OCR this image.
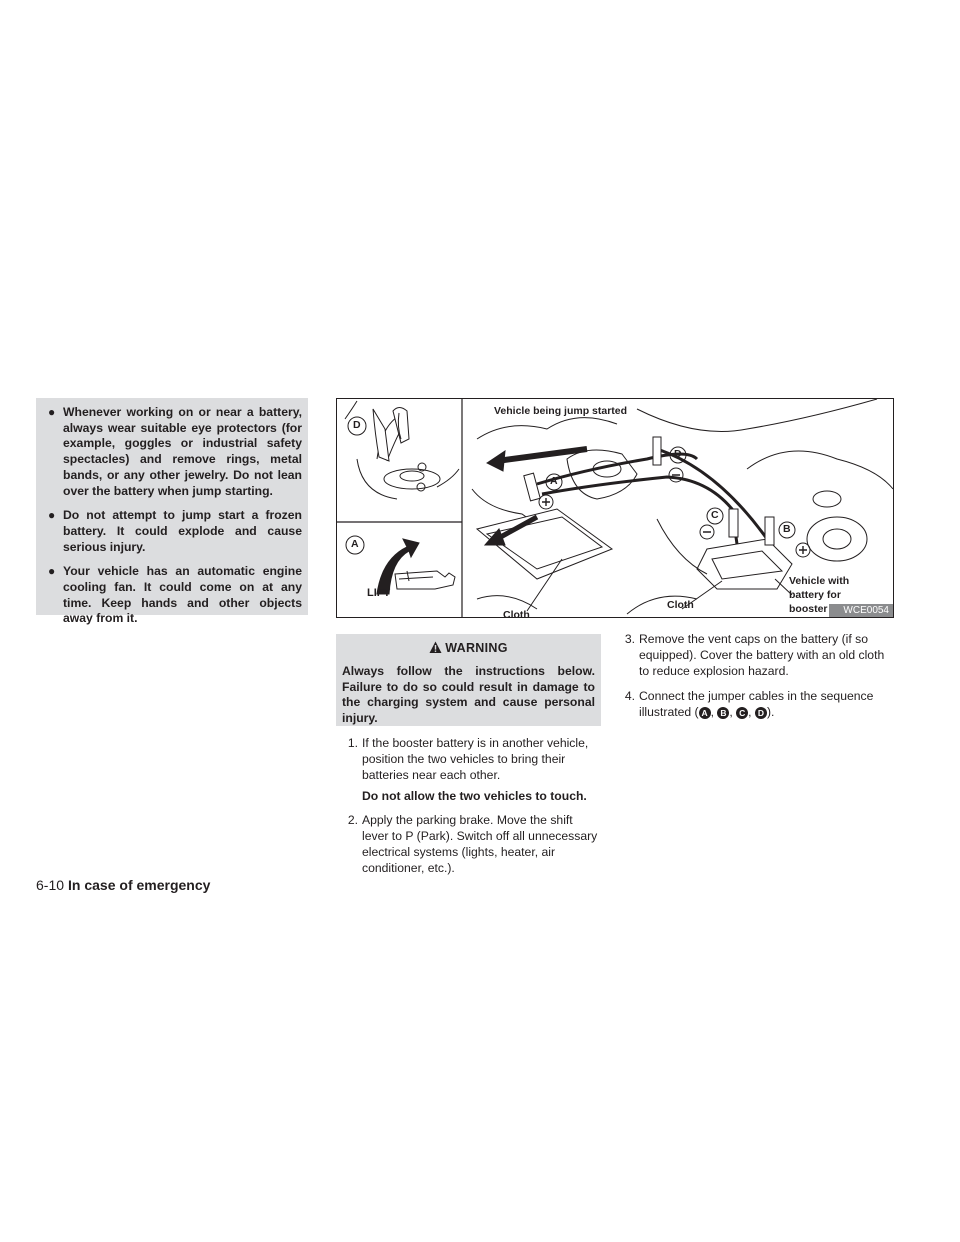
● Whenever working on or near a battery, always wear suitable eye protectors (for example, goggles or industrial safety spectacles) and remove rings, metal bands, or any other jewelry. Do not lean over the battery when jump starting.
● Do not attempt to jump start a frozen battery. It could explode and cause serious injury.
● Your vehicle has an automatic engine cooling fan. It could come on at any time. Keep hands and other objects away from it.
D
A
LIFT
Vehicle being jump started
A
D
C
B
Vehicle with
battery for
booster
Cloth
Cloth	WCE0054
WARNING
Always follow the instructions below. Failure to do so could result in damage to the charging system and cause personal injury.
1. If the booster battery is in another vehicle, position the two vehicles to bring their batteries near each other.
Do not allow the two vehicles to touch.
2. Apply the parking brake. Move the shift lever to P (Park). Switch off all unnecessary electrical systems (lights, heater, air conditioner, etc.).
3. Remove the vent caps on the battery (if so equipped). Cover the battery with an old cloth to reduce explosion hazard.
4. Connect the jumper cables in the sequence illustrated ( A , B , C , D ).
6-10 In case of emergency
